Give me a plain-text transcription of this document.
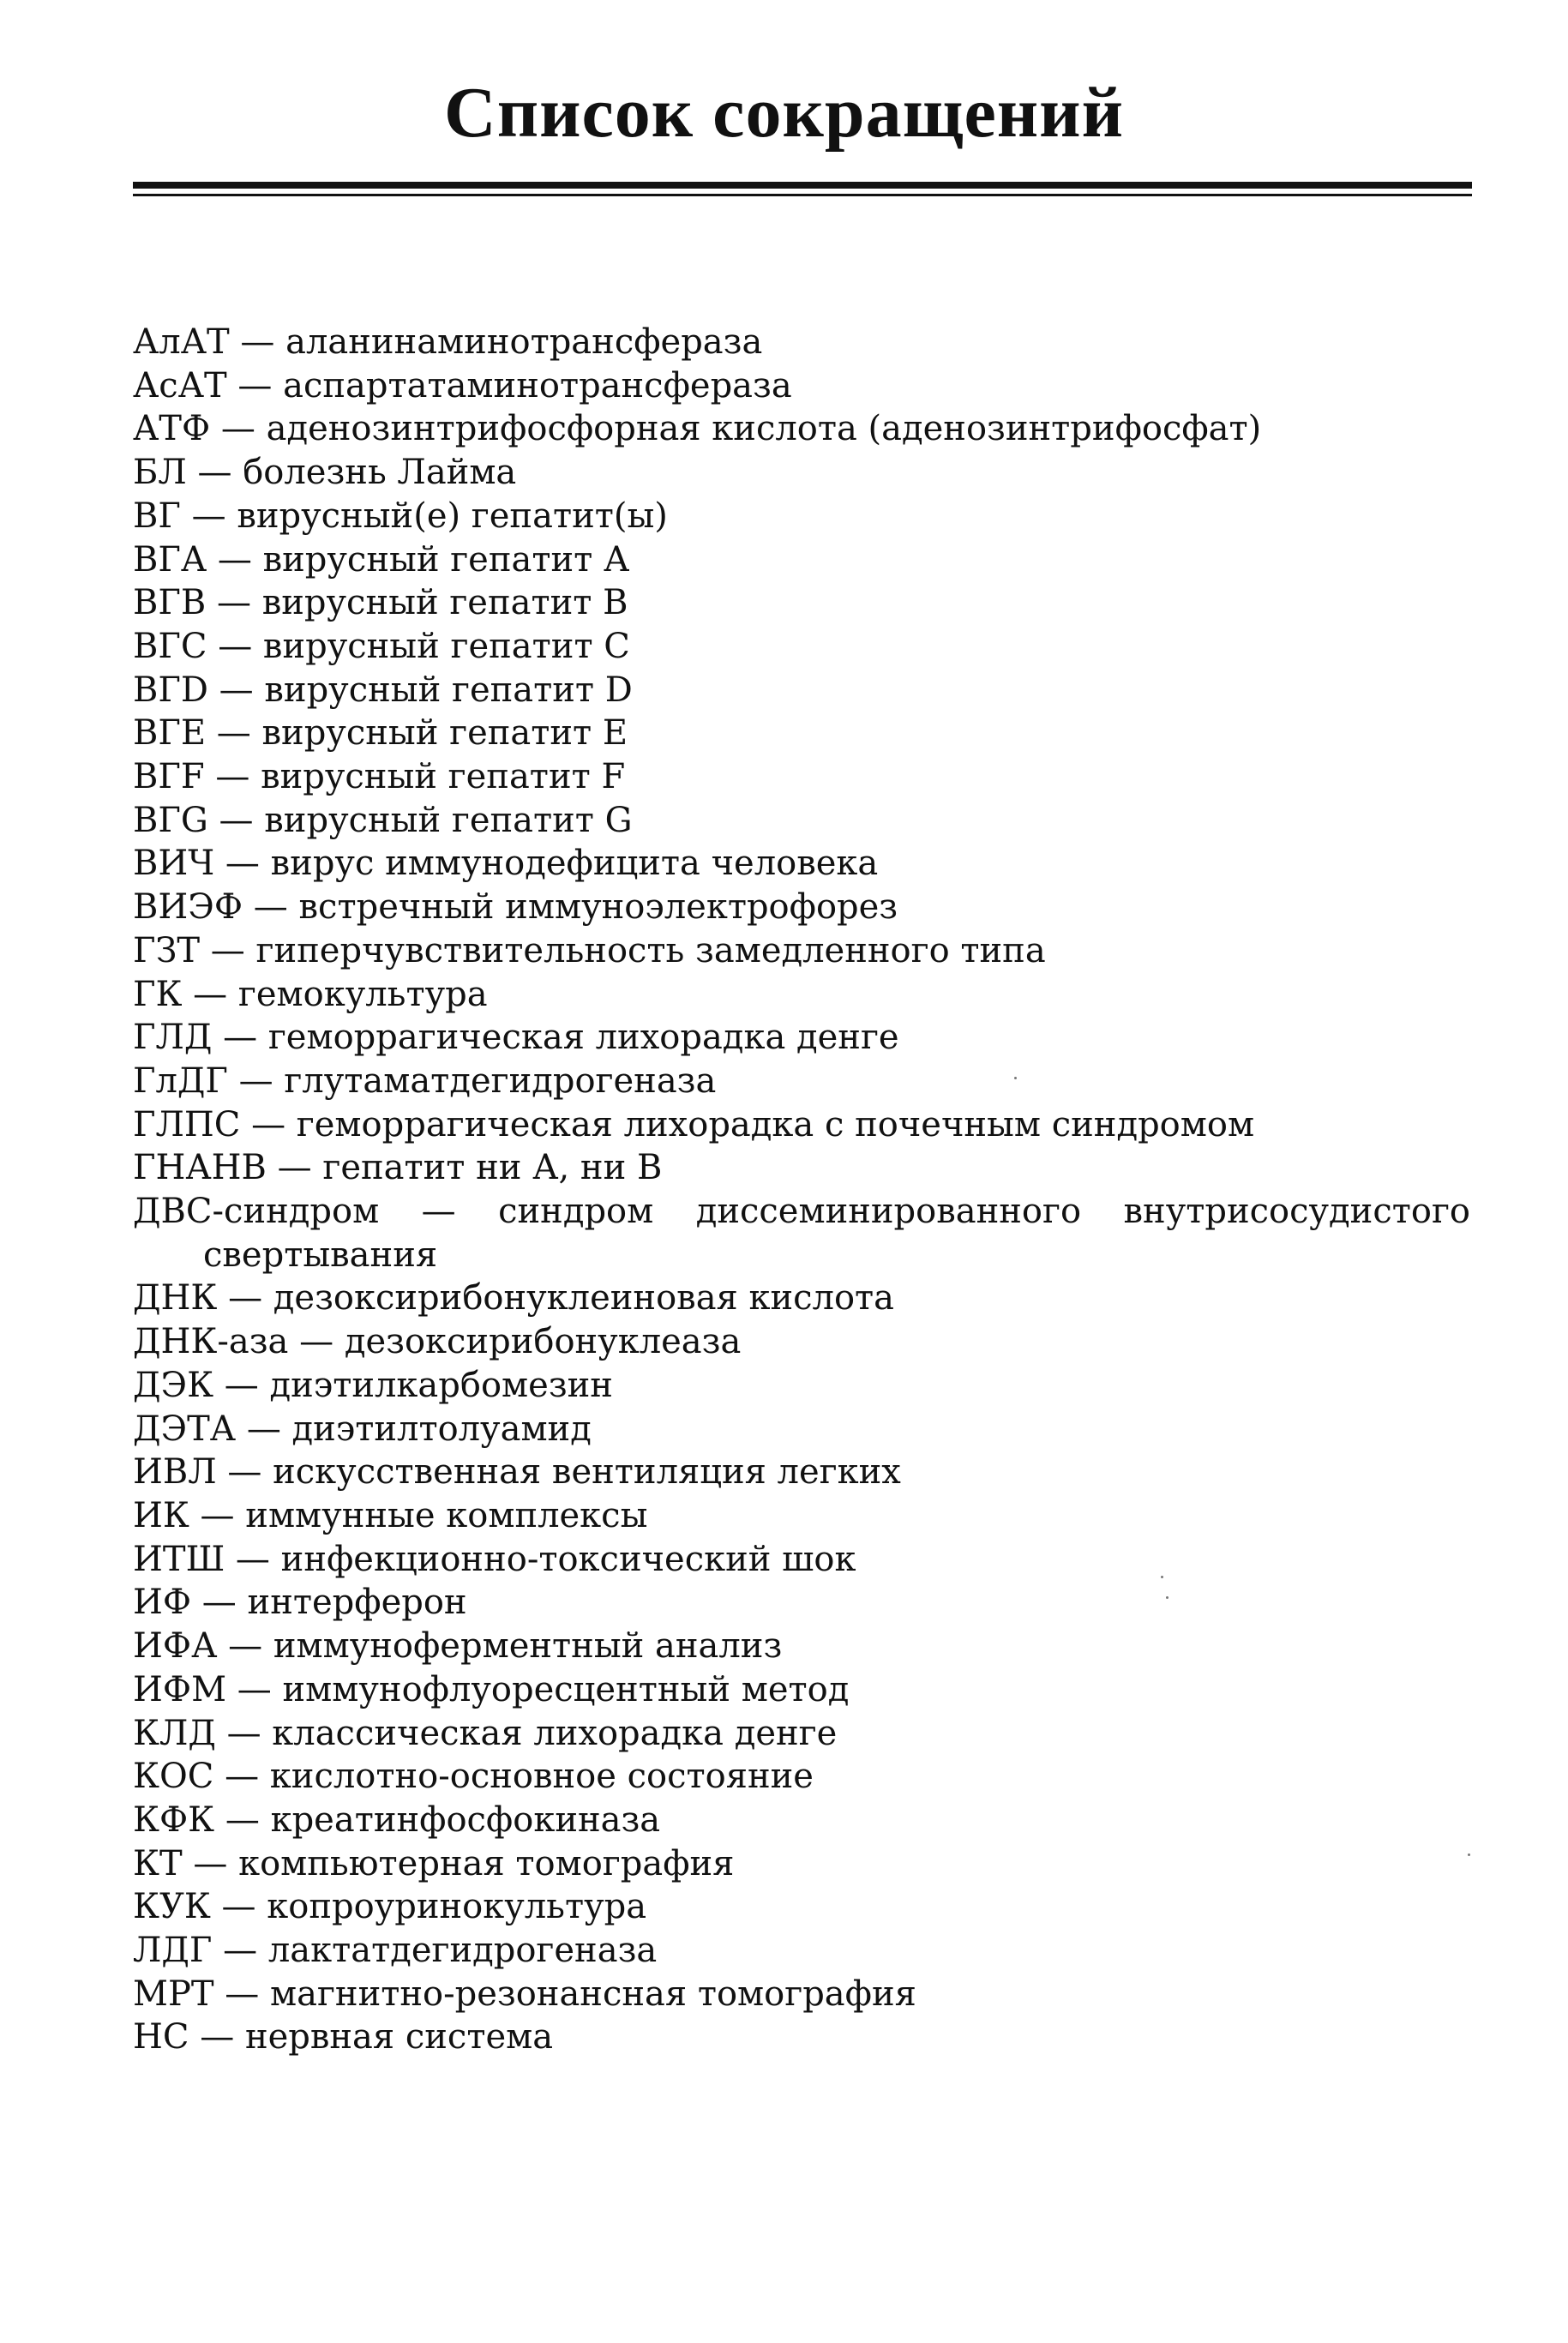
Список сокращений
АлАТ — аланинаминотрансфераза
АсАТ — аспартатаминотрансфераза
АТФ — аденозинтрифосфорная кислота (аденозинтрифосфат)
БЛ — болезнь Лайма
ВГ — вирусный(е) гепатит(ы)
ВГА — вирусный гепатит А
ВГВ — вирусный гепатит В
ВГС — вирусный гепатит С
ВГD — вирусный гепатит D
ВГЕ — вирусный гепатит Е
ВГF — вирусный гепатит F
ВГG — вирусный гепатит G
ВИЧ — вирус иммунодефицита человека
ВИЭФ — встречный иммуноэлектрофорез
ГЗТ — гиперчувствительность замедленного типа
ГК — гемокультура
ГЛД — геморрагическая лихорадка денге
ГлДГ — глутаматдегидрогеназа
ГЛПС — геморрагическая лихорадка с почечным синдромом
ГНАНВ — гепатит ни А, ни В
ДВС-синдром — синдром диссеминированного внутрисосудистого свертывания
ДНК — дезоксирибонуклеиновая кислота
ДНК-аза — дезоксирибонуклеаза
ДЭК — диэтилкарбомезин
ДЭТА — диэтилтолуамид
ИВЛ — искусственная вентиляция легких
ИК — иммунные комплексы
ИТШ — инфекционно-токсический шок
ИФ — интерферон
ИФА — иммуноферментный анализ
ИФМ — иммунофлуоресцентный метод
КЛД — классическая лихорадка денге
КОС — кислотно-основное состояние
КФК — креатинфосфокиназа
КТ — компьютерная томография
КУК — копроуринокультура
ЛДГ — лактатдегидрогеназа
МРТ — магнитно-резонансная томография
НС — нервная система
